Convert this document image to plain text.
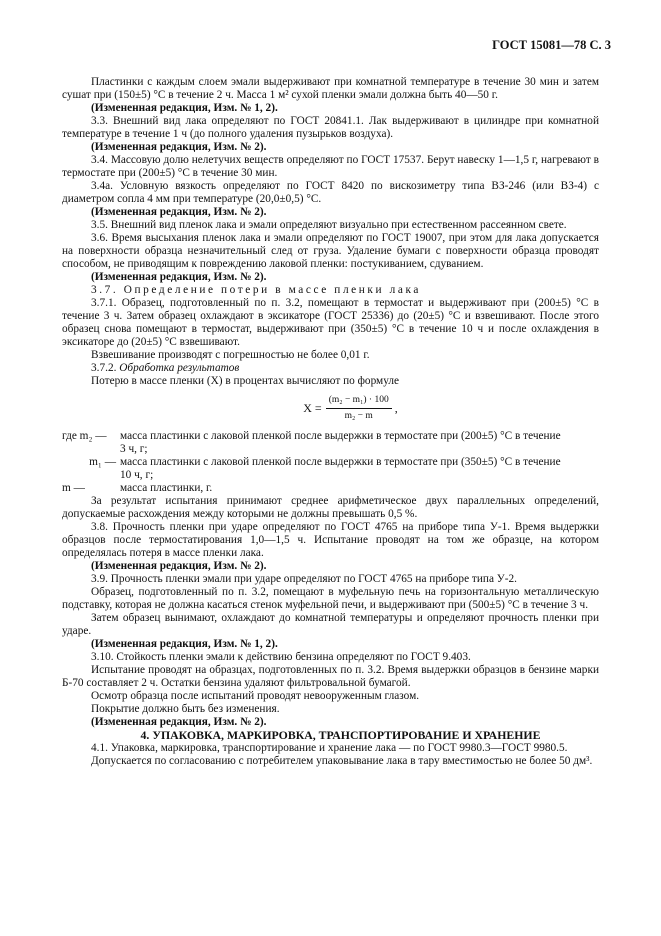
ГОСТ 15081—78 С. 3

Пластинки с каждым слоем эмали выдерживают при комнатной температуре в течение 30 мин и затем сушат при (150±5) °С в течение 2 ч. Масса 1 м² сухой пленки эмали должна быть 40—50 г.

(Измененная редакция, Изм. № 1, 2).

3.3. Внешний вид лака определяют по ГОСТ 20841.1. Лак выдерживают в цилиндре при комнатной температуре в течение 1 ч (до полного удаления пузырьков воздуха).

(Измененная редакция, Изм. № 2).

3.4. Массовую долю нелетучих веществ определяют по ГОСТ 17537. Берут навеску 1—1,5 г, нагревают в термостате при (200±5) °С в течение 30 мин.

3.4а. Условную вязкость определяют по ГОСТ 8420 по вискозиметру типа ВЗ-246 (или ВЗ-4) с диаметром сопла 4 мм при температуре (20,0±0,5) °С.

(Измененная редакция, Изм. № 2).

3.5. Внешний вид пленок лака и эмали определяют визуально при естественном рассеянном свете.

3.6. Время высыхания пленок лака и эмали определяют по ГОСТ 19007, при этом для лака допускается на поверхности образца незначительный след от груза. Удаление бумаги с поверхности образца проводят способом, не приводящим к повреждению лаковой пленки: постукиванием, сдуванием.

(Измененная редакция, Изм. № 2).

3.7. Определение потери в массе пленки лака

3.7.1. Образец, подготовленный по п. 3.2, помещают в термостат и выдерживают при (200±5) °С в течение 3 ч. Затем образец охлаждают в эксикаторе (ГОСТ 25336) до (20±5) °С и взвешивают. После этого образец снова помещают в термостат, выдерживают при (350±5) °С в течение 10 ч и после охлаждения в эксикаторе до (20±5) °С взвешивают.

Взвешивание производят с погрешностью не более 0,01 г.

3.7.2. Обработка результатов

Потерю в массе пленки (X) в процентах вычисляют по формуле

$X = \frac{\text{(m₂ − m₁) · 100}}{\text{m₂ − m}}$ ,
где m₂ —	масса пластинки с лаковой пленкой после выдержки в термостате при (200±5) °С в течение

3 ч, г;

m₁ — масса пластинки с лаковой пленкой после выдержки в термостате при (350±5) °С в течение

10 ч, г;

m —	масса пластинки, г.

За результат испытания принимают среднее арифметическое двух параллельных определений, допускаемые расхождения между которыми не должны превышать 0,5 %.

3.8. Прочность пленки при ударе определяют по ГОСТ 4765 на приборе типа У-1. Время выдержки образцов после термостатирования 1,0—1,5 ч. Испытание проводят на том же образце, на котором определялась потеря в массе пленки лака.

(Измененная редакция, Изм. № 2).

3.9. Прочность пленки эмали при ударе определяют по ГОСТ 4765 на приборе типа У-2.

Образец, подготовленный по п. 3.2, помещают в муфельную печь на горизонтальную металлическую подставку, которая не должна касаться стенок муфельной печи, и выдерживают при (500±5) °С в течение 3 ч.

Затем образец вынимают, охлаждают до комнатной температуры и определяют прочность пленки при ударе.

(Измененная редакция, Изм. № 1, 2).

3.10. Стойкость пленки эмали к действию бензина определяют по ГОСТ 9.403.

Испытание проводят на образцах, подготовленных по п. 3.2. Время выдержки образцов в бензине марки Б-70 составляет 2 ч. Остатки бензина удаляют фильтровальной бумагой.

Осмотр образца после испытаний проводят невооруженным глазом.

Покрытие должно быть без изменения.

(Измененная редакция, Изм. № 2).

4. УПАКОВКА, МАРКИРОВКА, ТРАНСПОРТИРОВАНИЕ И ХРАНЕНИЕ

4.1. Упаковка, маркировка, транспортирование и хранение лака — по ГОСТ 9980.3—ГОСТ 9980.5.

Допускается по согласованию с потребителем упаковывание лака в тару вместимостью не более 50 дм³.
